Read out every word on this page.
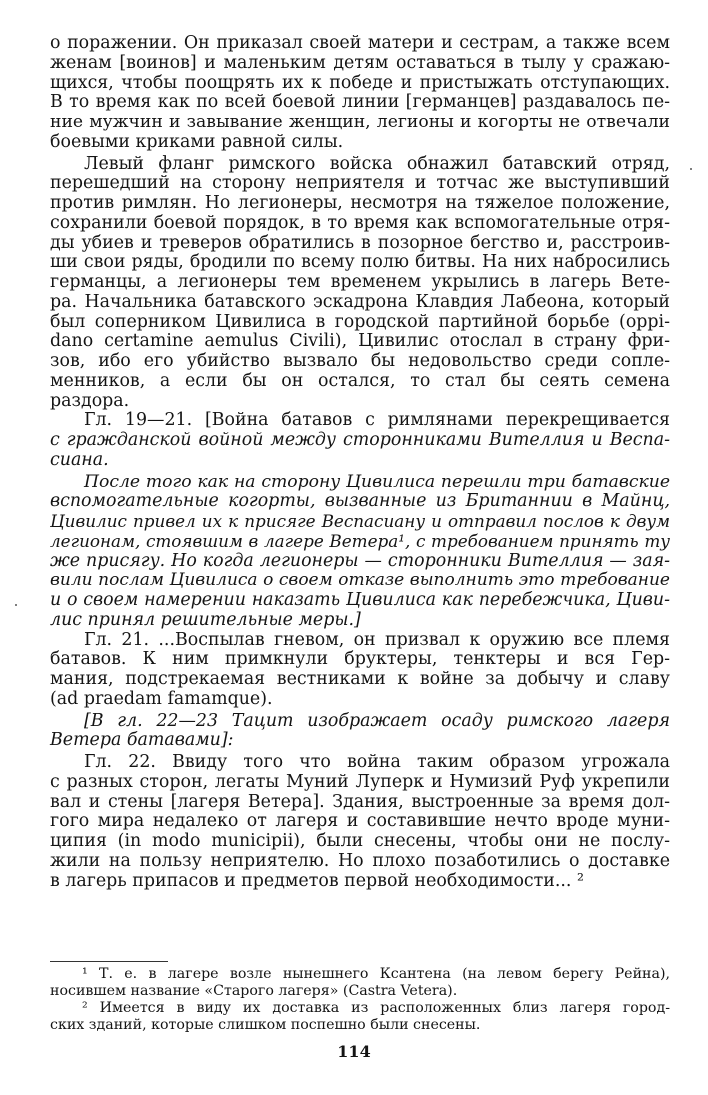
о поражении. Он приказал своей матери и сестрам, а также всем
женам [воинов] и маленьким детям оставаться в тылу у сражаю-
щихся, чтобы поощрять их к победе и пристыжать отступающих.
В то время как по всей боевой линии [германцев] раздавалось пе-
ние мужчин и завывание женщин, легионы и когорты не отвечали
боевыми криками равной силы.
Левый фланг римского войска обнажил батавский отряд,
перешедший на сторону неприятеля и тотчас же выступивший
против римлян. Но легионеры, несмотря на тяжелое положение,
сохранили боевой порядок, в то время как вспомогательные отря-
ды убиев и треверов обратились в позорное бегство и, расстроив-
ши свои ряды, бродили по всему полю битвы. На них набросились
германцы, а легионеры тем временем укрылись в лагерь Ветe-
ра. Начальника батавского эскадрона Клавдия Лабеона, который
был соперником Цивилиса в городской партийной борьбе (oppi-
dano certamine aemulus Civili), Цивилис отослал в страну фри-
зов, ибо его убийство вызвало бы недовольство среди сопле-
менников, а если бы он остался, то стал бы сеять семена
раздора.
Гл. 19—21. [Война батавов с римлянами перекрещивается
с гражданской войной между сторонниками Вителлия и Веспа-
сиана.
После того как на сторону Цивилиса перешли три батавские
вспомогательные когорты, вызванные из Британнии в Майнц,
Цивилис привел их к присяге Веспасиану и отправил послов к двум
легионам, стоявшим в лагере Ветера¹, с требованием принять ту
же присягу. Но когда легионеры — сторонники Вителлия — зая-
вили послам Цивилиса о своем отказе выполнить это требование
и о своем намерении наказать Цивилиса как перебежчика, Циви-
лис принял решительные меры.]
Гл. 21. ...Воспылав гневом, он призвал к оружию все племя
батавов. К ним примкнули бруктеры, тенктеры и вся Гер-
мания, подстрекаемая вестниками к войне за добычу и славу
(ad praedam famamque).
[В гл. 22—23 Тацит изображает осаду римского лагеря
Ветера батавами]:
Гл. 22. Ввиду того что война таким образом угрожала
с разных сторон, легаты Муний Луперк и Нумизий Руф укрепили
вал и стены [лагеря Ветера]. Здания, выстроенные за время дол-
гого мира недалеко от лагеря и составившие нечто вроде муни-
ципия (in modo municipii), были снесены, чтобы они не послу-
жили на пользу неприятелю. Но плохо позаботились о доставке
в лагерь припасов и предметов первой необходимости... ²
¹ Т. е. в лагере возле нынешнего Ксантена (на левом берегу Рейна),
носившем название «Старого лагеря» (Castra Vetera).
² Имеется в виду их доставка из расположенных близ лагеря город-
ских зданий, которые слишком поспешно были снесены.
114
